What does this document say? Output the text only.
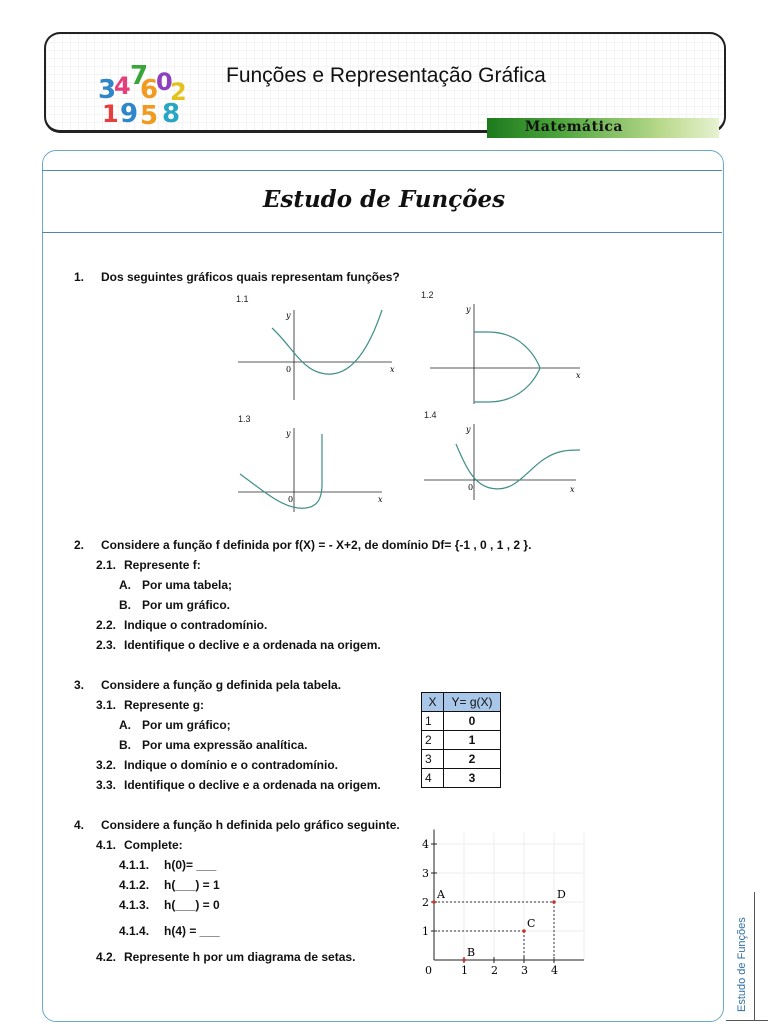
3
4 7
6
0
2
1 9 5 8
Funções e Representação Gráfica
Matemática
Estudo de Funções
1. Dos seguintes gráficos quais representam funções?
1.1
y
x
0
1.2
y
x
1.3
y
x
0
1.4
y
x
0
2. Considere a função f definida por f(X) = - X+2, de domínio Df= {-1 , 0 , 1 , 2 }.
2.1. Represente f:
A. Por uma tabela;
B. Por um gráfico.
2.2. Indique o contradomínio.
2.3. Identifique o declive e a ordenada na origem.
3. Considere a função g definida pela tabela.
3.1. Represente g:
A. Por um gráfico;
B. Por uma expressão analítica.
3.2. Indique o domínio e o contradomínio.
3.3. Identifique o declive e a ordenada na origem.
X	Y= g(X)
1	0
2	1
3	2
4	3
4. Considere a função h definida pelo gráfico seguinte.
4.1. Complete:
4.1.1. h(0)= ___
4.1.2. h(___) = 1
4.1.3. h(___) = 0
4.1.4. h(4) = ___
4.2. Represente h por um diagrama de setas.
0	1 2 3 4
1
2
3
4
A
B
C
D
Estudo de Funções
